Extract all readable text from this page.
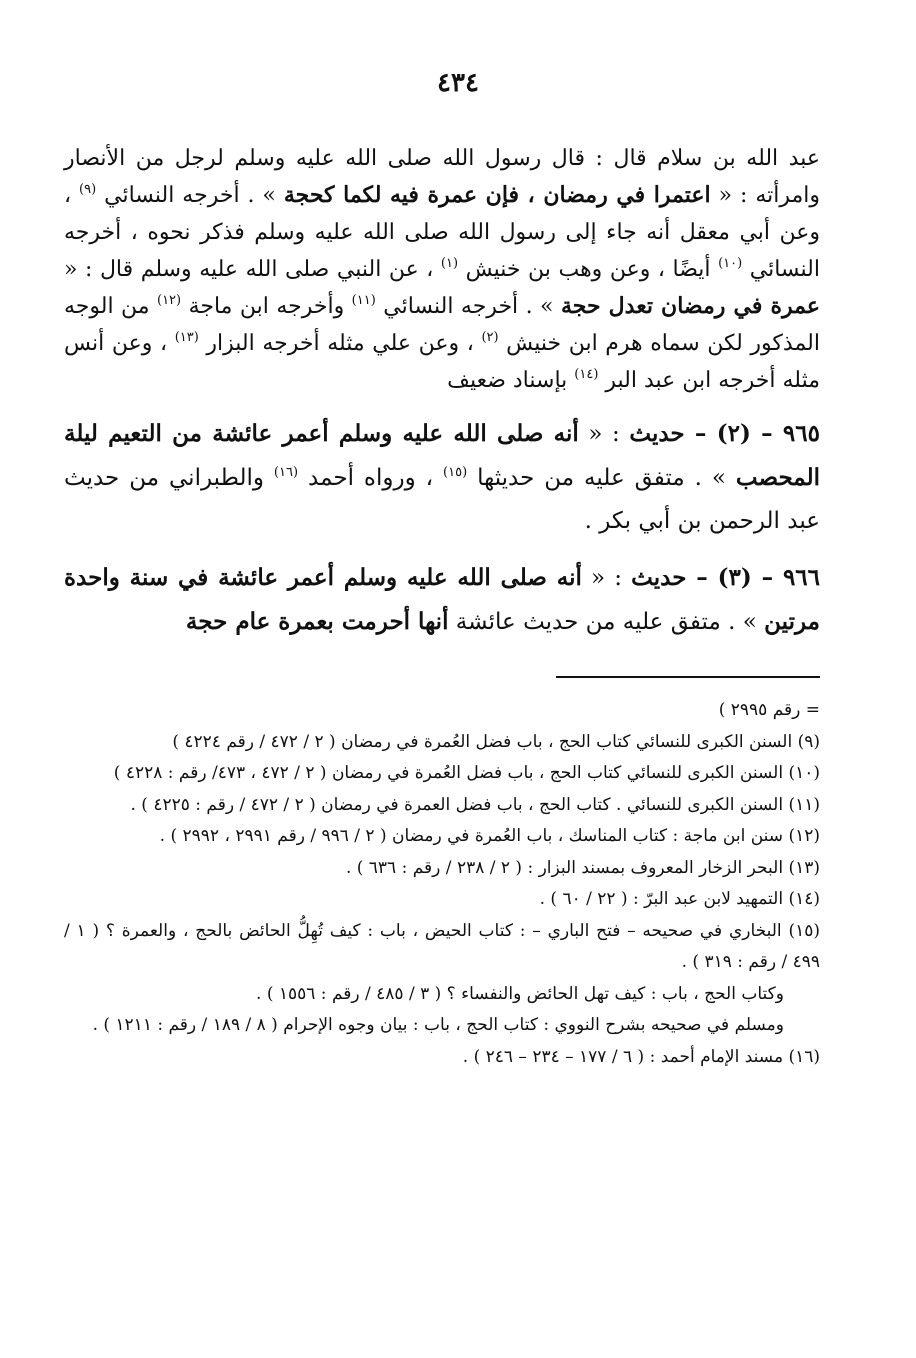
٤٣٤

عبد الله بن سلام قال : قال رسول الله صلى الله عليه وسلم لرجل من الأنصار وامرأته : « اعتمرا في رمضان ، فإن عمرة فيه لكما كحجة » . أخرجه النسائي $^{(٩)}$ ، وعن أبي معقل أنه جاء إلى رسول الله صلى الله عليه وسلم فذكر نحوه ، أخرجه النسائي $^{(١٠)}$ أيضًا ، وعن وهب بن خنيش $^{(١)}$ ، عن النبي صلى الله عليه وسلم قال : « عمرة في رمضان تعدل حجة » . أخرجه النسائي $^{(١١)}$ وأخرجه ابن ماجة $^{(١٢)}$ من الوجه المذكور لكن سماه هرم ابن خنيش $^{(٢)}$ ، وعن علي مثله أخرجه البزار $^{(١٣)}$ ، وعن أنس مثله أخرجه ابن عبد البر $^{(١٤)}$ بإسناد ضعيف

٩٦٥ – (٢) – حديث : « أنه صلى الله عليه وسلم أعمر عائشة من التعيم ليلة المحصب » . متفق عليه من حديثها $^{(١٥)}$ ، ورواه أحمد $^{(١٦)}$ والطبراني من حديث عبد الرحمن بن أبي بكر .

٩٦٦ – (٣) – حديث : « أنه صلى الله عليه وسلم أعمر عائشة في سنة واحدة مرتين » . متفق عليه من حديث عائشة أنها أحرمت بعمرة عام حجة

= رقم ٢٩٩٥ )

(٩) السنن الكبرى للنسائي كتاب الحج ، باب فضل العُمرة في رمضان ( ٢ / ٤٧٢ / رقم ٤٢٢٤ )

(١٠) السنن الكبرى للنسائي كتاب الحج ، باب فضل العُمرة في رمضان ( ٢ / ٤٧٢ ، ٤٧٣/ رقم : ٤٢٢٨ )

(١١) السنن الكبرى للنسائي . كتاب الحج ، باب فضل العمرة في رمضان ( ٢ / ٤٧٢ / رقم : ٤٢٢٥ ) .

(١٢) سنن ابن ماجة : كتاب المناسك ، باب العُمرة في رمضان ( ٢ / ٩٩٦ / رقم ٢٩٩١ ، ٢٩٩٢ ) .

(١٣) البحر الزخار المعروف بمسند البزار : ( ٢ / ٢٣٨ / رقم : ٦٣٦ ) .

(١٤) التمهيد لابن عبد البرّ : ( ٢٢ / ٦٠ ) .

(١٥) البخاري في صحيحه – فتح الباري – : كتاب الحيض ، باب : كيف تُهِلُّ الحائض بالحج ، والعمرة ؟ ( ١ / ٤٩٩ / رقم : ٣١٩ ) .

وكتاب الحج ، باب : كيف تهل الحائض والنفساء ؟ ( ٣ / ٤٨٥ / رقم : ١٥٥٦ ) .

ومسلم في صحيحه بشرح النووي : كتاب الحج ، باب : بيان وجوه الإحرام ( ٨ / ١٨٩ / رقم : ١٢١١ ) .

(١٦) مسند الإمام أحمد : ( ٦ / ١٧٧ – ٢٣٤ – ٢٤٦ ) .
